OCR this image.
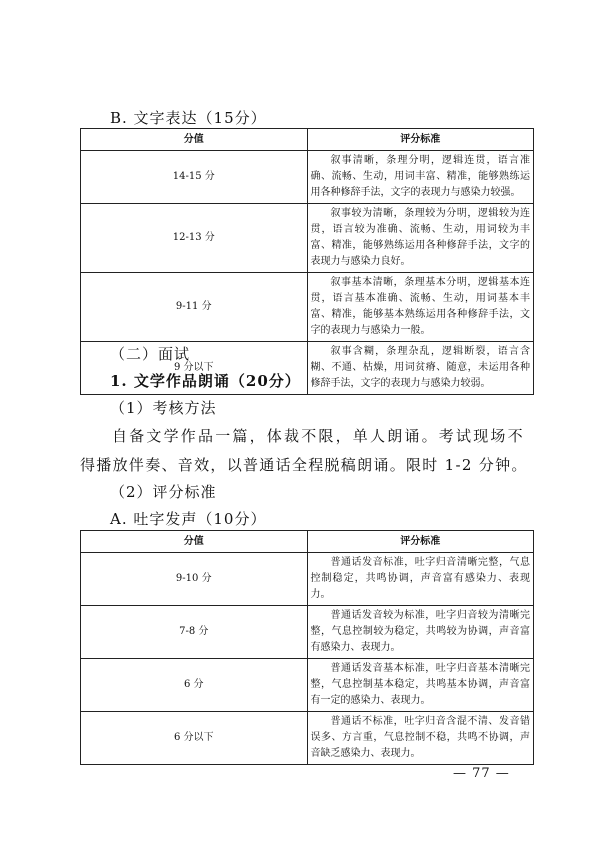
B. 文字表达（15分）
分值	评分标准
14-15 分	叙事清晰，条理分明，逻辑连贯，语言准确、流畅、生动，用词丰富、精准，能够熟练运用各种修辞手法，文字的表现力与感染力较强。
12-13 分	叙事较为清晰，条理较为分明，逻辑较为连贯，语言较为准确、流畅、生动，用词较为丰富、精准，能够熟练运用各种修辞手法，文字的表现力与感染力良好。
9-11 分	叙事基本清晰，条理基本分明，逻辑基本连贯，语言基本准确、流畅、生动，用词基本丰富、精准，能够基本熟练运用各种修辞手法，文字的表现力与感染力一般。
9 分以下	叙事含糊，条理杂乱，逻辑断裂，语言含糊、不通、枯燥，用词贫瘠、随意，未运用各种修辞手法，文字的表现力与感染力较弱。
（二）面试
1. 文学作品朗诵（20分）
（1）考核方法
自备文学作品一篇，体裁不限，单人朗诵。考试现场不
得播放伴奏、音效，以普通话全程脱稿朗诵。限时 1-2 分钟。
（2）评分标准
A. 吐字发声（10分）
分值	评分标准
9-10 分	普通话发音标准，吐字归音清晰完整，气息控制稳定，共鸣协调，声音富有感染力、表现力。
7-8 分	普通话发音较为标准，吐字归音较为清晰完整，气息控制较为稳定，共鸣较为协调，声音富有感染力、表现力。
6 分	普通话发音基本标准，吐字归音基本清晰完整，气息控制基本稳定，共鸣基本协调，声音富有一定的感染力、表现力。
6 分以下	普通话不标准，吐字归音含混不清、发音错误多、方言重，气息控制不稳，共鸣不协调，声音缺乏感染力、表现力。
— 77 —
